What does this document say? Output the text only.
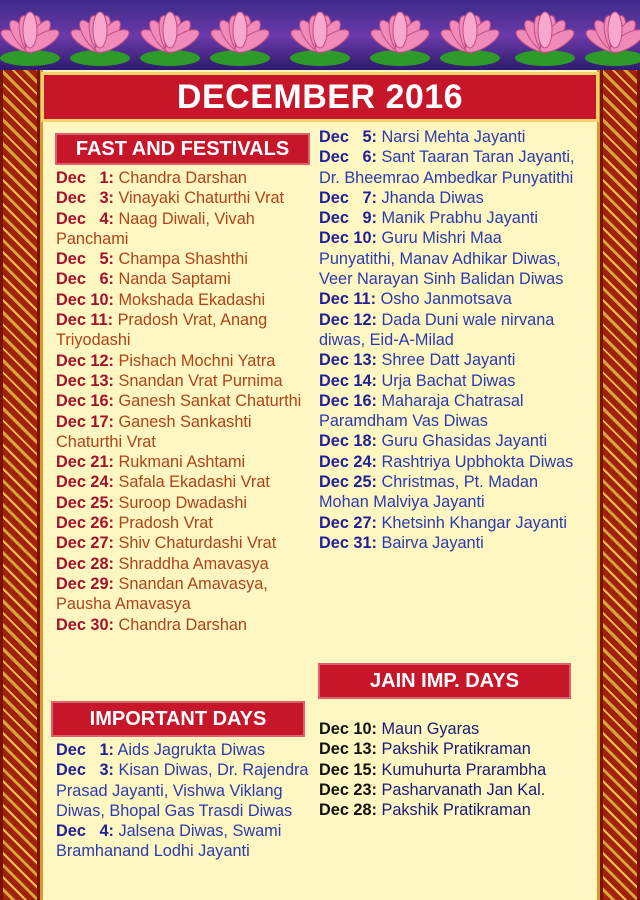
DECEMBER 2016
FAST AND FESTIVALS
Dec   1: Chandra Darshan
Dec   3: Vinayaki Chaturthi Vrat
Dec   4: Naag Diwali, Vivah Panchami
Dec   5: Champa Shashthi
Dec   6: Nanda Saptami
Dec 10: Mokshada Ekadashi
Dec 11: Pradosh Vrat, Anang Triyodashi
Dec 12: Pishach Mochni Yatra
Dec 13: Snandan Vrat Purnima
Dec 16: Ganesh Sankat Chaturthi
Dec 17: Ganesh Sankashti Chaturthi Vrat
Dec 21: Rukmani Ashtami
Dec 24: Safala Ekadashi Vrat
Dec 25: Suroop Dwadashi
Dec 26: Pradosh Vrat
Dec 27: Shiv Chaturdashi Vrat
Dec 28: Shraddha Amavasya
Dec 29: Snandan Amavasya, Pausha Amavasya
Dec 30: Chandra Darshan
IMPORTANT DAYS
Dec   1: Aids Jagrukta Diwas
Dec   3: Kisan Diwas, Dr. Rajendra Prasad Jayanti, Vishwa Viklang Diwas, Bhopal Gas Trasdi Diwas
Dec   4: Jalsena Diwas, Swami Bramhanand Lodhi Jayanti
Dec   5: Narsi Mehta Jayanti
Dec   6: Sant Taaran Taran Jayanti, Dr. Bheemrao Ambedkar Punyatithi
Dec   7: Jhanda Diwas
Dec   9: Manik Prabhu Jayanti
Dec 10: Guru Mishri Maa Punyatithi, Manav Adhikar Diwas, Veer Narayan Sinh Balidan Diwas
Dec 11: Osho Janmotsava
Dec 12: Dada Duni wale nirvana diwas, Eid-A-Milad
Dec 13: Shree Datt Jayanti
Dec 14: Urja Bachat Diwas
Dec 16: Maharaja Chatrasal Paramdham Vas Diwas
Dec 18: Guru Ghasidas Jayanti
Dec 24: Rashtriya Upbhokta Diwas
Dec 25: Christmas, Pt. Madan Mohan Malviya Jayanti
Dec 27: Khetsinh Khangar Jayanti
Dec 31: Bairva Jayanti
JAIN IMP. DAYS
Dec 10: Maun Gyaras
Dec 13: Pakshik Pratikraman
Dec 15: Kumuhurta Prarambha
Dec 23: Pasharvanath Jan Kal.
Dec 28: Pakshik Pratikraman
